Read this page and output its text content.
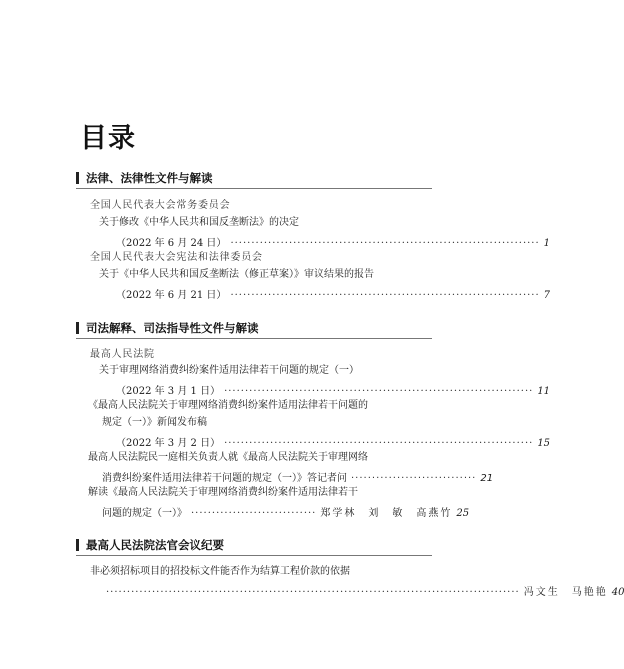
目录
法律、法律性文件与解读
全国人民代表大会常务委员会
关于修改《中华人民共和国反垄断法》的决定
（2022 年 6 月 24 日） ·········································································· 1
全国人民代表大会宪法和法律委员会
关于《中华人民共和国反垄断法（修正草案）》审议结果的报告
（2022 年 6 月 21 日） ·········································································· 7
司法解释、司法指导性文件与解读
最高人民法院
关于审理网络消费纠纷案件适用法律若干问题的规定（一）
（2022 年 3 月 1 日） ·········································································· 11
《最高人民法院关于审理网络消费纠纷案件适用法律若干问题的
规定（一）》新闻发布稿
（2022 年 3 月 2 日） ·········································································· 15
最高人民法院民一庭相关负责人就《最高人民法院关于审理网络
消费纠纷案件适用法律若干问题的规定（一）》答记者问 ······························ 21
解读《最高人民法院关于审理网络消费纠纷案件适用法律若干
问题的规定（一）》 ······························ 郑学林　刘　敏　高燕竹 25
最高人民法院法官会议纪要
非必须招标项目的招投标文件能否作为结算工程价款的依据
··································································································· 冯文生　马艳艳 40
